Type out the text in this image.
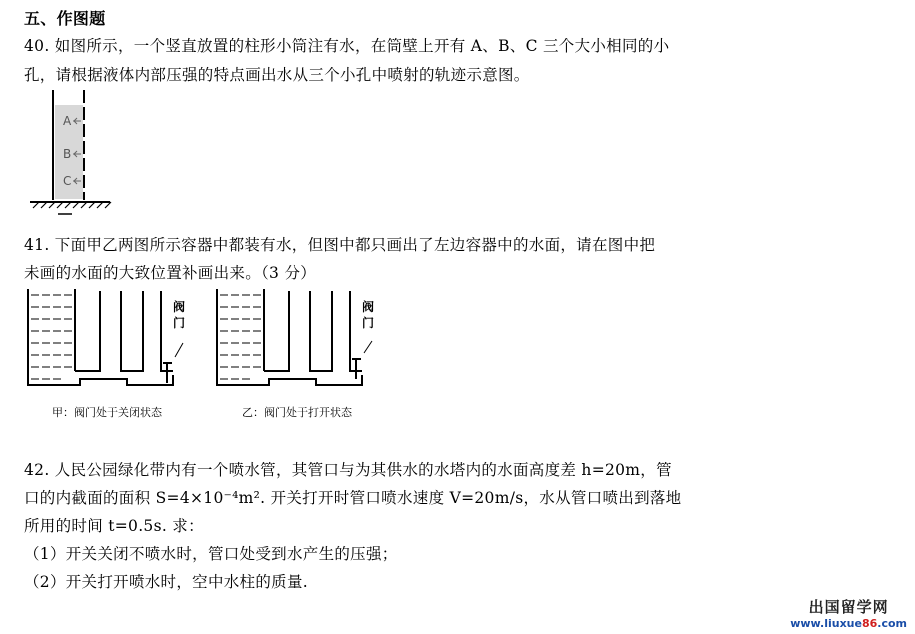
五、作图题
40. 如图所示，一个竖直放置的柱形小筒注有水，在筒壁上开有 A、B、C 三个大小相同的小
孔，请根据液体内部压强的特点画出水从三个小孔中喷射的轨迹示意图。
A
B
C
41. 下面甲乙两图所示容器中都装有水，但图中都只画出了左边容器中的水面，请在图中把
未画的水面的大致位置补画出来。（3 分）
阀
门
甲：阀门处于关闭状态
阀
门
乙：阀门处于打开状态
42. 人民公园绿化带内有一个喷水管，其管口与为其供水的水塔内的水面高度差 h=20m，管
口的内截面的面积 S=4×10⁻⁴m². 开关打开时管口喷水速度 V=20m/s，水从管口喷出到落地
所用的时间 t=0.5s. 求：
（1）开关关闭不喷水时，管口处受到水产生的压强；
（2）开关打开喷水时，空中水柱的质量.
出国留学网
www.liuxue86.com
